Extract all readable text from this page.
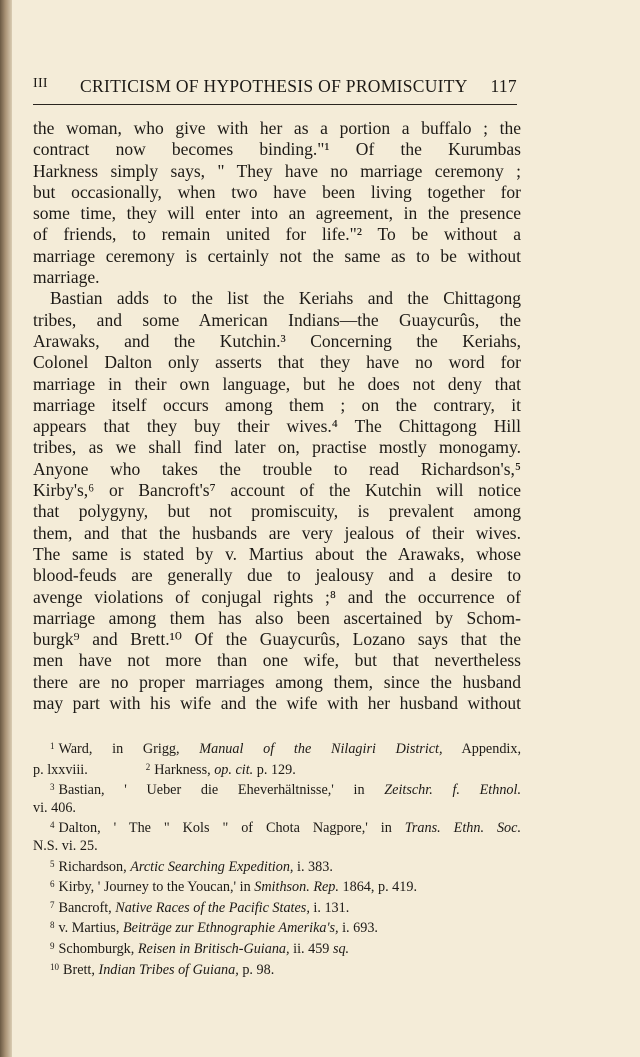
III CRITICISM OF HYPOTHESIS OF PROMISCUITY 117
the woman, who give with her as a portion a buffalo ; the
contract now becomes binding."¹ Of the Kurumbas
Harkness simply says, " They have no marriage ceremony ;
but occasionally, when two have been living together for
some time, they will enter into an agreement, in the presence
of friends, to remain united for life."² To be without a
marriage ceremony is certainly not the same as to be without
marriage.
Bastian adds to the list the Keriahs and the Chittagong
tribes, and some American Indians—the Guaycurûs, the
Arawaks, and the Kutchin.³ Concerning the Keriahs,
Colonel Dalton only asserts that they have no word for
marriage in their own language, but he does not deny that
marriage itself occurs among them ; on the contrary, it
appears that they buy their wives.⁴ The Chittagong Hill
tribes, as we shall find later on, practise mostly monogamy.
Anyone who takes the trouble to read Richardson's,⁵
Kirby's,⁶ or Bancroft's⁷ account of the Kutchin will notice
that polygyny, but not promiscuity, is prevalent among
them, and that the husbands are very jealous of their wives.
The same is stated by v. Martius about the Arawaks, whose
blood-feuds are generally due to jealousy and a desire to
avenge violations of conjugal rights ;⁸ and the occurrence of
marriage among them has also been ascertained by Schom-
burgk⁹ and Brett.¹⁰ Of the Guaycurûs, Lozano says that the
men have not more than one wife, but that nevertheless
there are no proper marriages among them, since the husband
may part with his wife and the wife with her husband without
$^1$ Ward, in Grigg, Manual of the Nilagiri District, Appendix,
p. lxxviii.	$^2$ Harkness, op. cit. p. 129.
$^3$ Bastian, ' Ueber die Eheverhältnisse,' in Zeitschr. f. Ethnol.
vi. 406.
$^4$ Dalton, ' The " Kols " of Chota Nagpore,' in Trans. Ethn. Soc.
N.S. vi. 25.
$^5$ Richardson, Arctic Searching Expedition, i. 383.
$^6$ Kirby, ' Journey to the Youcan,' in Smithson. Rep. 1864, p. 419.
$^7$ Bancroft, Native Races of the Pacific States, i. 131.
$^8$ v. Martius, Beiträge zur Ethnographie Amerika's, i. 693.
$^9$ Schomburgk, Reisen in Britisch-Guiana, ii. 459 sq.
$^{10}$ Brett, Indian Tribes of Guiana, p. 98.
